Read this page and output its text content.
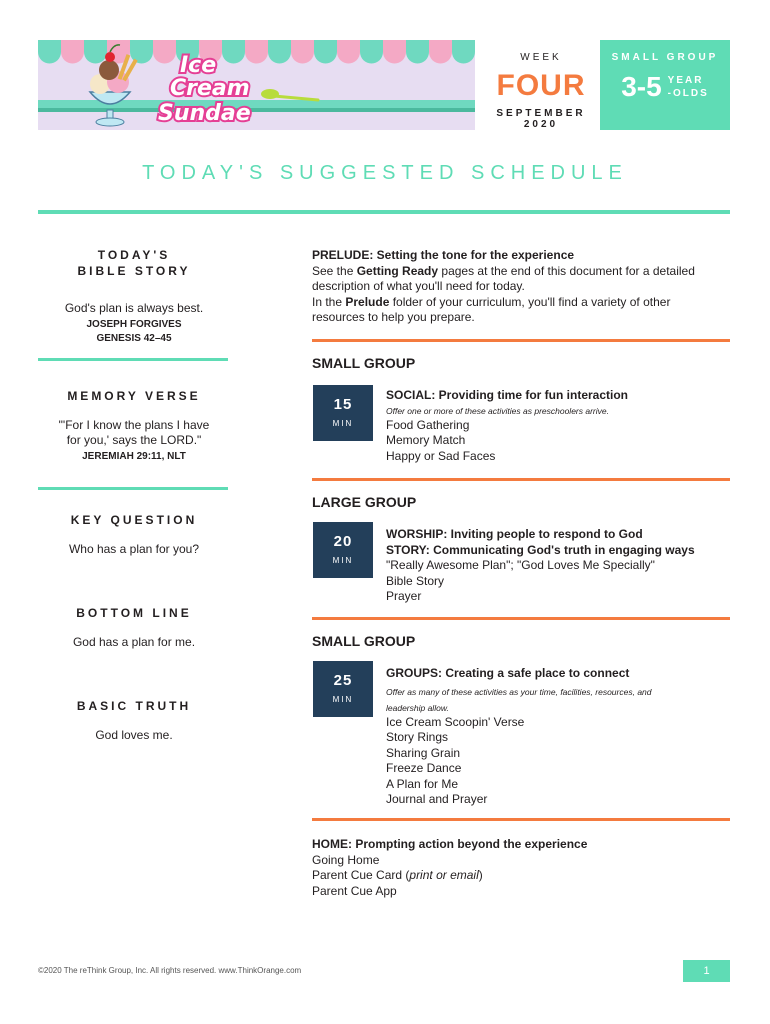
Ice
Cream
Sundae
WEEK
FOUR
SEPTEMBER 2020
SMALL GROUP
3-5 YEAR
-OLDS
TODAY'S SUGGESTED SCHEDULE
TODAY'S
BIBLE STORY
God's plan is always best.
JOSEPH FORGIVES
GENESIS 42–45
MEMORY VERSE
"'For I know the plans I have
for you,' says the LORD."
JEREMIAH 29:11, NLT
KEY QUESTION
Who has a plan for you?
BOTTOM LINE
God has a plan for me.
BASIC TRUTH
God loves me.
PRELUDE: Setting the tone for the experience
See the Getting Ready pages at the end of this document for a detailed
description of what you'll need for today.
In the Prelude folder of your curriculum, you'll find a variety of other
resources to help you prepare.
SMALL GROUP
15
MIN
SOCIAL: Providing time for fun interaction
Offer one or more of these activities as preschoolers arrive.
Food Gathering
Memory Match
Happy or Sad Faces
LARGE GROUP
20
MIN
WORSHIP: Inviting people to respond to God
STORY: Communicating God's truth in engaging ways
"Really Awesome Plan"; "God Loves Me Specially"
Bible Story
Prayer
SMALL GROUP
25
MIN
GROUPS: Creating a safe place to connect
Offer as many of these activities as your time, facilities, resources, and
leadership allow.
Ice Cream Scoopin' Verse
Story Rings
Sharing Grain
Freeze Dance
A Plan for Me
Journal and Prayer
HOME: Prompting action beyond the experience
Going Home
Parent Cue Card (print or email)
Parent Cue App
©2020 The reThink Group, Inc. All rights reserved. www.ThinkOrange.com	1
